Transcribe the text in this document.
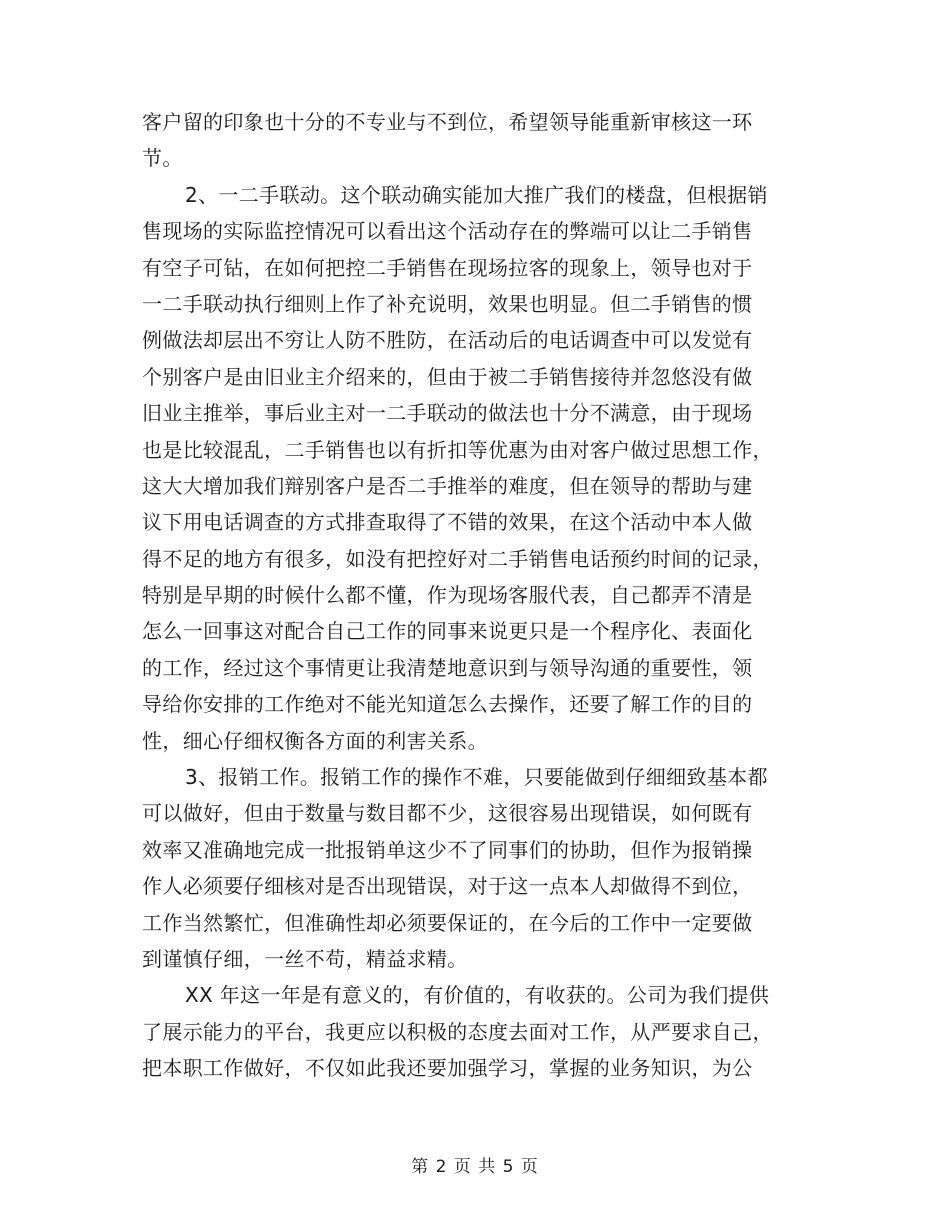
客户留的印象也十分的不专业与不到位，希望领导能重新审核这一环
节。
2、一二手联动。这个联动确实能加大推广我们的楼盘，但根据销
售现场的实际监控情况可以看出这个活动存在的弊端可以让二手销售
有空子可钻，在如何把控二手销售在现场拉客的现象上，领导也对于
一二手联动执行细则上作了补充说明，效果也明显。但二手销售的惯
例做法却层出不穷让人防不胜防，在活动后的电话调查中可以发觉有
个别客户是由旧业主介绍来的，但由于被二手销售接待并忽悠没有做
旧业主推举，事后业主对一二手联动的做法也十分不满意，由于现场
也是比较混乱，二手销售也以有折扣等优惠为由对客户做过思想工作，
这大大增加我们辩别客户是否二手推举的难度，但在领导的帮助与建
议下用电话调查的方式排查取得了不错的效果，在这个活动中本人做
得不足的地方有很多，如没有把控好对二手销售电话预约时间的记录，
特别是早期的时候什么都不懂，作为现场客服代表，自己都弄不清是
怎么一回事这对配合自己工作的同事来说更只是一个程序化、表面化
的工作，经过这个事情更让我清楚地意识到与领导沟通的重要性，领
导给你安排的工作绝对不能光知道怎么去操作，还要了解工作的目的
性，细心仔细权衡各方面的利害关系。
3、报销工作。报销工作的操作不难，只要能做到仔细细致基本都
可以做好，但由于数量与数目都不少，这很容易出现错误，如何既有
效率又准确地完成一批报销单这少不了同事们的协助，但作为报销操
作人必须要仔细核对是否出现错误，对于这一点本人却做得不到位，
工作当然繁忙，但准确性却必须要保证的，在今后的工作中一定要做
到谨慎仔细，一丝不苟，精益求精。
XX 年这一年是有意义的，有价值的，有收获的。公司为我们提供
了展示能力的平台，我更应以积极的态度去面对工作，从严要求自己，
把本职工作做好，不仅如此我还要加强学习，掌握的业务知识，为公
第 2 页 共 5 页
